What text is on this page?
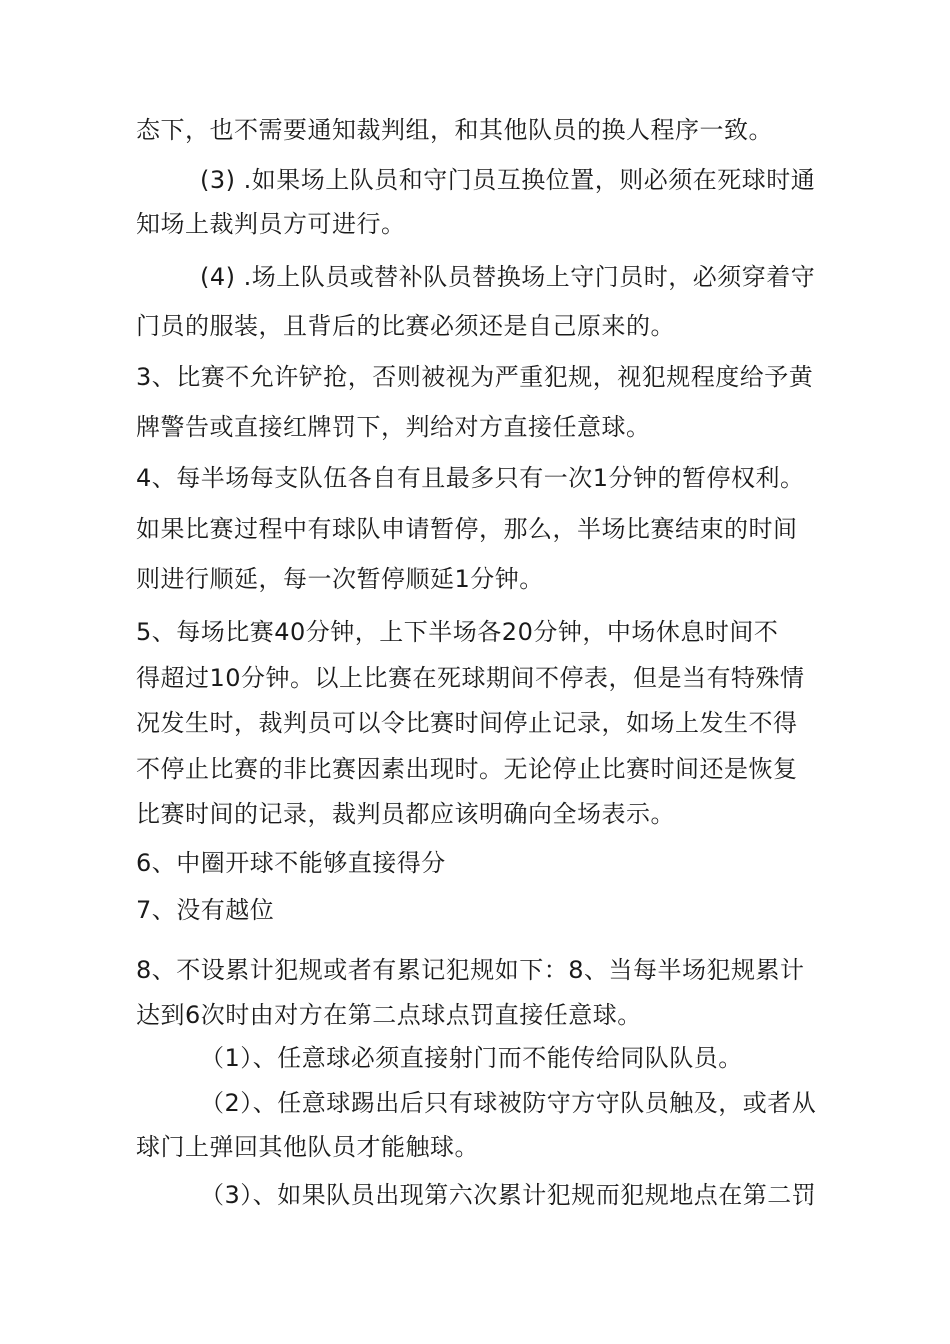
态下，也不需要通知裁判组，和其他队员的换人程序一致。
(3) .如果场上队员和守门员互换位置，则必须在死球时通
知场上裁判员方可进行。
(4) .场上队员或替补队员替换场上守门员时，必须穿着守
门员的服装，且背后的比赛必须还是自己原来的。
3、比赛不允许铲抢，否则被视为严重犯规，视犯规程度给予黄
牌警告或直接红牌罚下，判给对方直接任意球。
4、每半场每支队伍各自有且最多只有一次1分钟的暂停权利。
如果比赛过程中有球队申请暂停，那么，半场比赛结束的时间
则进行顺延，每一次暂停顺延1分钟。
5、每场比赛40分钟，上下半场各20分钟，中场休息时间不
得超过10分钟。以上比赛在死球期间不停表，但是当有特殊情
况发生时，裁判员可以令比赛时间停止记录，如场上发生不得
不停止比赛的非比赛因素出现时。无论停止比赛时间还是恢复
比赛时间的记录，裁判员都应该明确向全场表示。
6、中圈开球不能够直接得分
7、没有越位
8、不设累计犯规或者有累记犯规如下：8、当每半场犯规累计
达到6次时由对方在第二点球点罚直接任意球。
（1）、任意球必须直接射门而不能传给同队队员。
（2）、任意球踢出后只有球被防守方守队员触及，或者从
球门上弹回其他队员才能触球。
（3）、如果队员出现第六次累计犯规而犯规地点在第二罚
